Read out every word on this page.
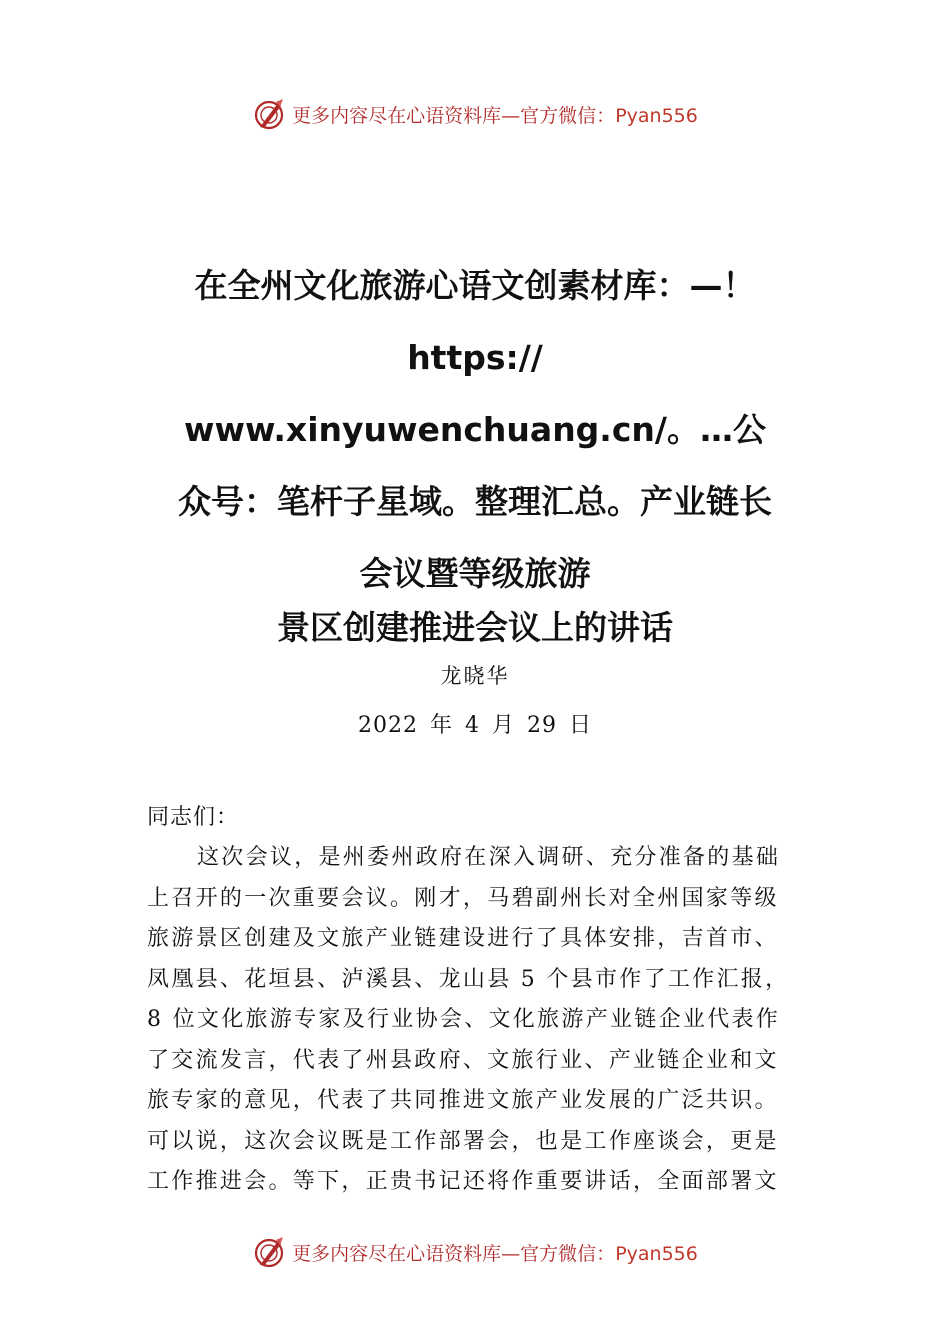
更多内容尽在心语资料库—官方微信：Pyan556
在全州文化旅游心语文创素材库：—！
https://
www.xinyuwenchuang.cn/。…公
众号：笔杆子星域。整理汇总。产业链长
会议暨等级旅游
景区创建推进会议上的讲话
龙晓华
2022 年 4 月 29 日
同志们：
这次会议，是州委州政府在深入调研、充分准备的基础
上召开的一次重要会议。刚才，马碧副州长对全州国家等级
旅游景区创建及文旅产业链建设进行了具体安排，吉首市、
凤凰县、花垣县、泸溪县、龙山县 5 个县市作了工作汇报，
8 位文化旅游专家及行业协会、文化旅游产业链企业代表作
了交流发言，代表了州县政府、文旅行业、产业链企业和文
旅专家的意见，代表了共同推进文旅产业发展的广泛共识。
可以说，这次会议既是工作部署会，也是工作座谈会，更是
工作推进会。等下，正贵书记还将作重要讲话，全面部署文
更多内容尽在心语资料库—官方微信：Pyan556
